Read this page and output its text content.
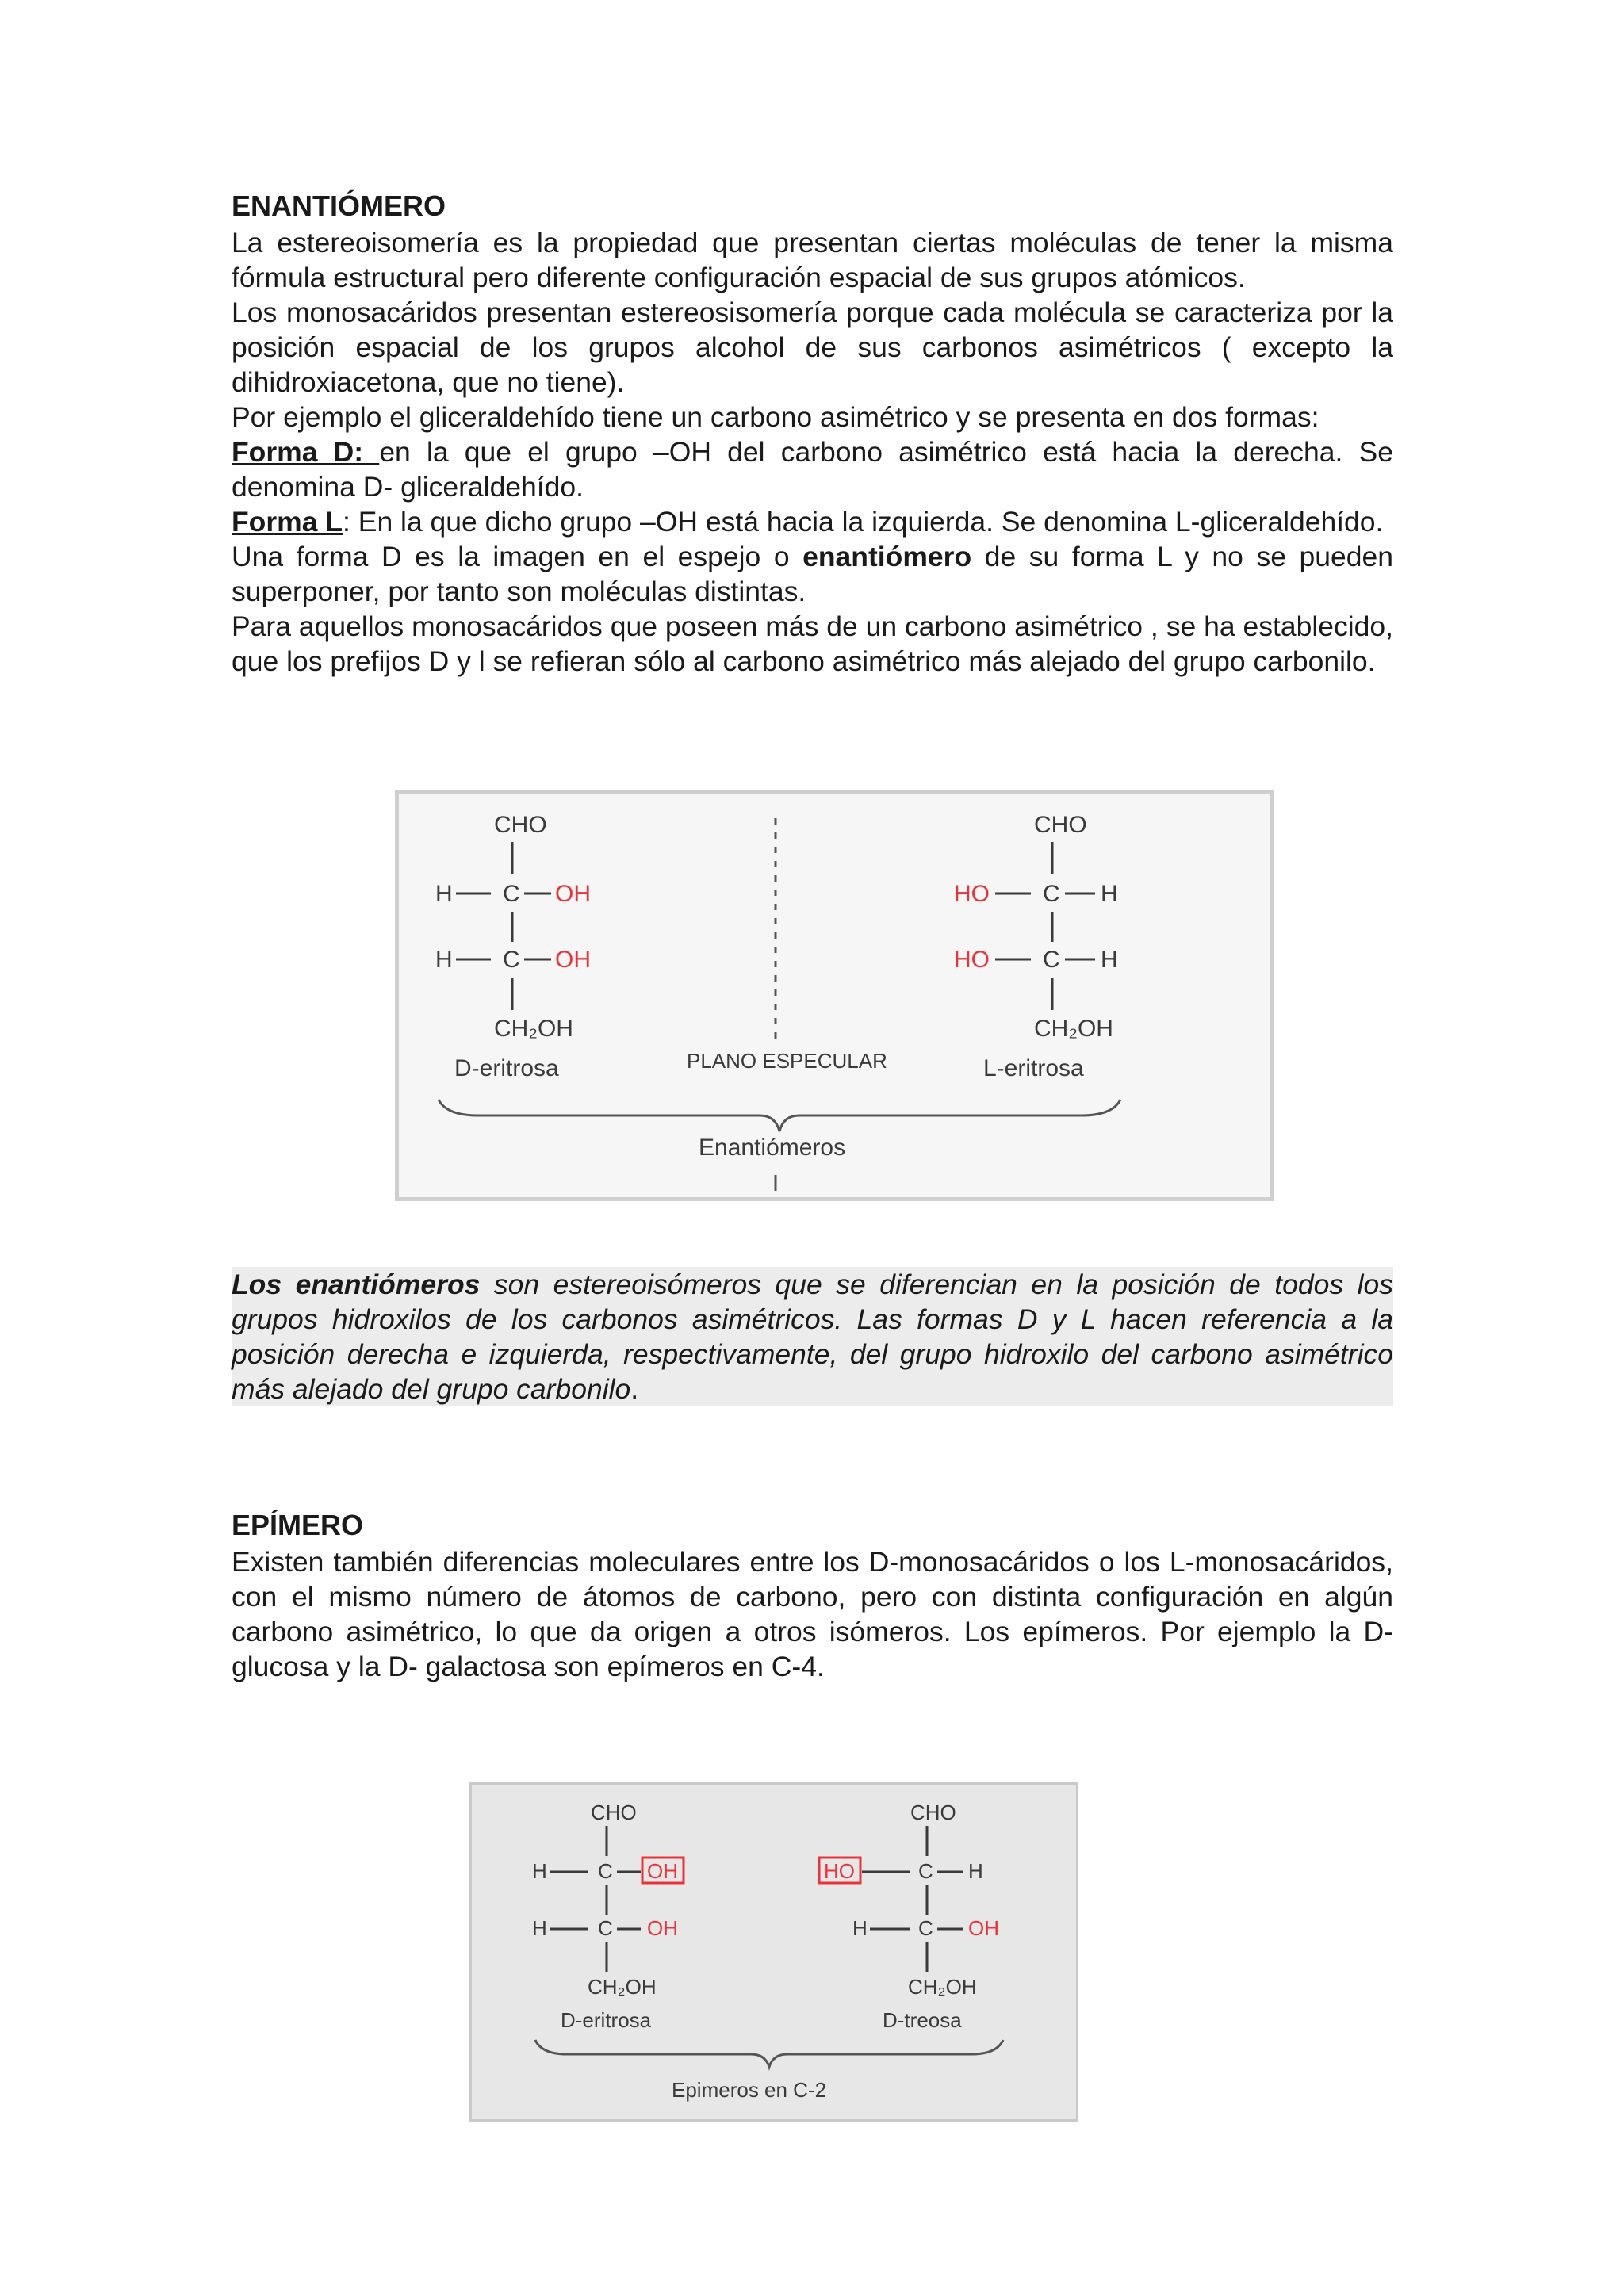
ENANTIÓMERO

La estereoisomería es la propiedad que presentan ciertas moléculas de tener la misma fórmula estructural pero diferente configuración espacial de sus grupos atómicos.

Los monosacáridos presentan estereosisomería porque cada molécula se caracteriza por la posición espacial de los grupos alcohol de sus carbonos asimétricos ( excepto la dihidroxiacetona, que no tiene).

Por ejemplo el gliceraldehído tiene un carbono asimétrico y se presenta en dos formas:

Forma D: en la que el grupo –OH del carbono asimétrico está hacia la derecha. Se denomina D- gliceraldehído.

Forma L: En la que dicho grupo –OH está hacia la izquierda. Se denomina L-gliceraldehído.

Una forma D es la imagen en el espejo o enantiómero de su forma L y no se pueden superponer, por tanto son moléculas distintas.

Para aquellos monosacáridos que poseen más de un carbono asimétrico , se ha establecido, que los prefijos D y l se refieran sólo al carbono asimétrico más alejado del grupo carbonilo.

CHO
H C OH
H C OH
CH₂OH
D-eritrosa	PLANO ESPECULAR
CHO
HO C H
HO C H
CH₂OH
L-eritrosa
Enantiómeros

Los enantiómeros son estereoisómeros que se diferencian en la posición de todos los grupos hidroxilos de los carbonos asimétricos. Las formas D y L hacen referencia a la posición derecha e izquierda, respectivamente, del grupo hidroxilo del carbono asimétrico más alejado del grupo carbonilo.

EPÍMERO

Existen también diferencias moleculares entre los D-monosacáridos o los L-monosacáridos, con el mismo número de átomos de carbono, pero con distinta configuración en algún carbono asimétrico, lo que da origen a otros isómeros. Los epímeros. Por ejemplo la D-glucosa y la D- galactosa son epímeros en C-4.

CHO
H C OH
H C OH
CH₂OH
D-eritrosa
CHO
HO	C H
H C OH
CH₂OH
D-treosa
Epimeros en C-2
